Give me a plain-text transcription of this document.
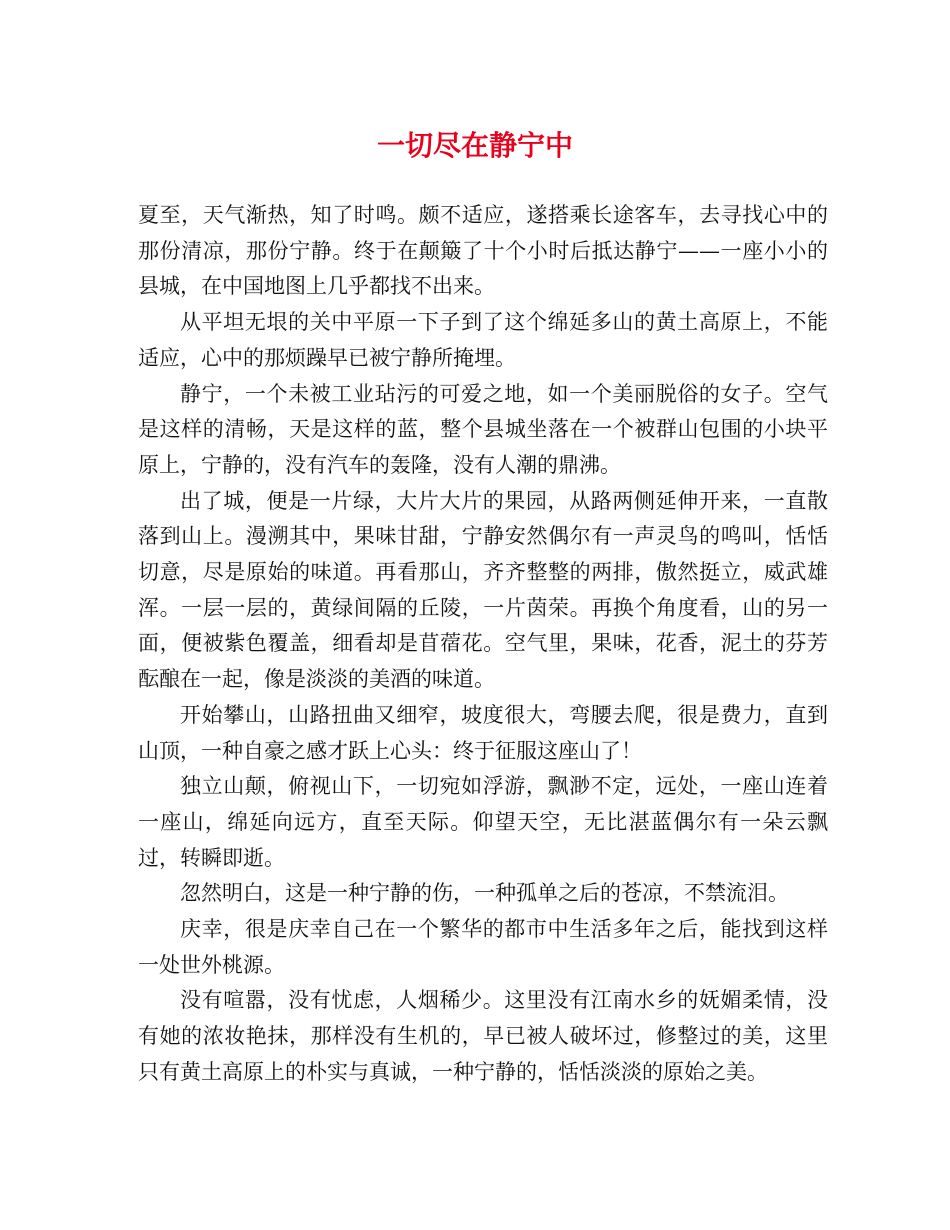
一切尽在静宁中

夏至，天气渐热，知了时鸣。颇不适应，遂搭乘长途客车，去寻找心中的那份清凉，那份宁静。终于在颠簸了十个小时后抵达静宁——一座小小的县城，在中国地图上几乎都找不出来。

从平坦无垠的关中平原一下子到了这个绵延多山的黄土高原上，不能适应，心中的那烦躁早已被宁静所掩埋。

静宁，一个未被工业玷污的可爱之地，如一个美丽脱俗的女子。空气是这样的清畅，天是这样的蓝，整个县城坐落在一个被群山包围的小块平原上，宁静的，没有汽车的轰隆，没有人潮的鼎沸。

出了城，便是一片绿，大片大片的果园，从路两侧延伸开来，一直散落到山上。漫溯其中，果味甘甜，宁静安然偶尔有一声灵鸟的鸣叫，恬恬切意，尽是原始的味道。再看那山，齐齐整整的两排，傲然挺立，威武雄浑。一层一层的，黄绿间隔的丘陵，一片茵荣。再换个角度看，山的另一面，便被紫色覆盖，细看却是苜蓿花。空气里，果味，花香，泥土的芬芳酝酿在一起，像是淡淡的美酒的味道。

开始攀山，山路扭曲又细窄，坡度很大，弯腰去爬，很是费力，直到山顶，一种自豪之感才跃上心头：终于征服这座山了！

独立山颠，俯视山下，一切宛如浮游，飘渺不定，远处，一座山连着一座山，绵延向远方，直至天际。仰望天空，无比湛蓝偶尔有一朵云飘过，转瞬即逝。

忽然明白，这是一种宁静的伤，一种孤单之后的苍凉，不禁流泪。

庆幸，很是庆幸自己在一个繁华的都市中生活多年之后，能找到这样一处世外桃源。

没有喧嚣，没有忧虑，人烟稀少。这里没有江南水乡的妩媚柔情，没有她的浓妆艳抹，那样没有生机的，早已被人破坏过，修整过的美，这里只有黄土高原上的朴实与真诚，一种宁静的，恬恬淡淡的原始之美。
